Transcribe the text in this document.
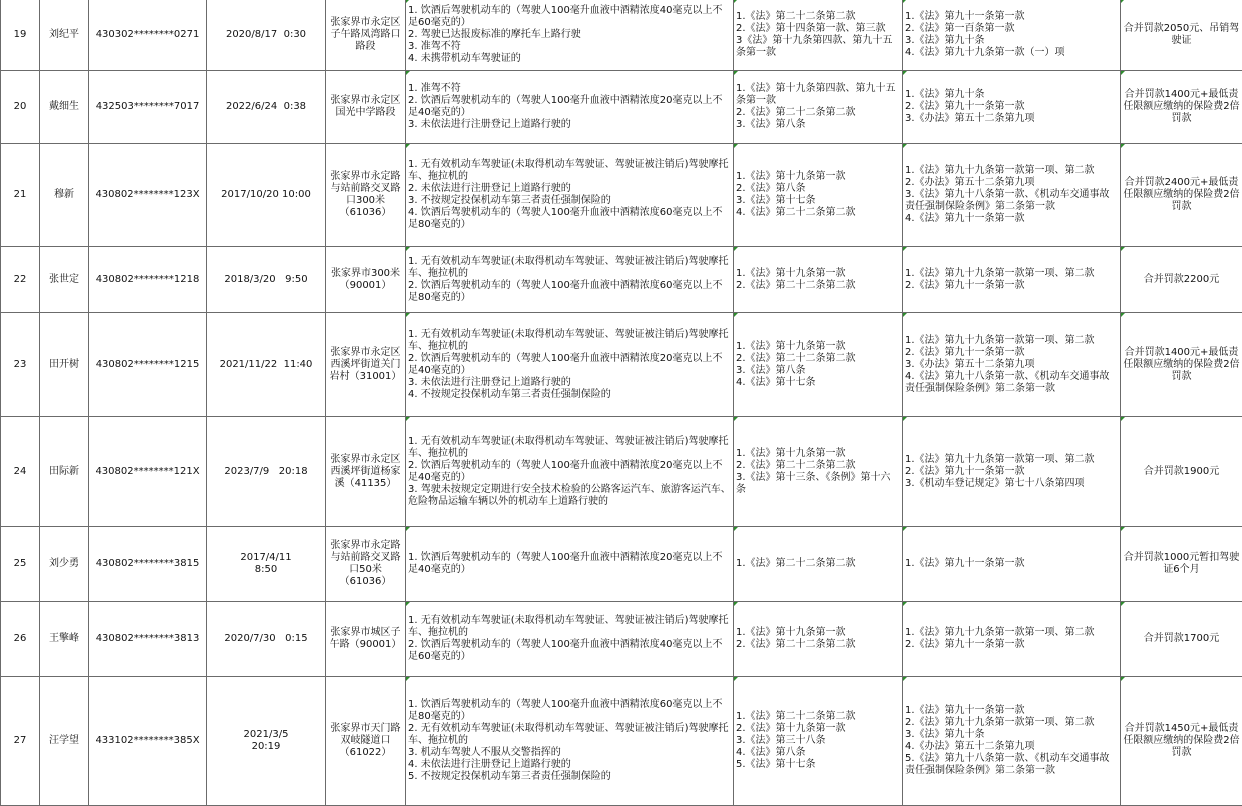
19	刘纪平	430302********0271	2020/8/17  0:30	张家界市永定区子午路凤湾路口路段	1. 饮酒后驾驶机动车的（驾驶人100毫升血液中酒精浓度40毫克以上不足60毫克的）
2. 驾驶已达报废标准的摩托车上路行驶
3. 准驾不符
4. 未携带机动车驾驶证的	1.《法》第二十二条第二款
2.《法》第十四条第一款、第三款
3《法》第十九条第四款、第九十五条第一款	1.《法》第九十一条第一款
2.《法》第一百条第一款
3.《法》第九十条
4.《法》第九十九条第一款（一）项	合并罚款2050元、吊销驾驶证
20	戴细生	432503********7017	2022/6/24  0:38	张家界市永定区国光中学路段	1. 准驾不符
2. 饮酒后驾驶机动车的（驾驶人100毫升血液中酒精浓度20毫克以上不足40毫克的）
3. 未依法进行注册登记上道路行驶的	1.《法》第十九条第四款、第九十五条第一款
2.《法》第二十二条第二款
3.《法》第八条	1.《法》第九十条
2.《法》第九十一条第一款
3.《办法》第五十二条第九项	合并罚款1400元+最低责任限额应缴纳的保险费2倍罚款
21	穆新	430802********123X	2017/10/20 10:00	张家界市永定路与站前路交叉路口300米（61036）	1. 无有效机动车驾驶证(未取得机动车驾驶证、驾驶证被注销后)驾驶摩托车、拖拉机的
2. 未依法进行注册登记上道路行驶的
3. 不按规定投保机动车第三者责任强制保险的
4. 饮酒后驾驶机动车的（驾驶人100毫升血液中酒精浓度60毫克以上不足80毫克的）	1.《法》第十九条第一款
2.《法》第八条
3.《法》第十七条
4.《法》第二十二条第二款	1.《法》第九十九条第一款第一项、第二款
2.《办法》第五十二条第九项
3.《法》第九十八条第一款、《机动车交通事故责任强制保险条例》第二条第一款
4.《法》第九十一条第一款	合并罚款2400元+最低责任限额应缴纳的保险费2倍罚款
22	张世定	430802********1218	2018/3/20   9:50	张家界市300米（90001）	1. 无有效机动车驾驶证(未取得机动车驾驶证、驾驶证被注销后)驾驶摩托车、拖拉机的
2. 饮酒后驾驶机动车的（驾驶人100毫升血液中酒精浓度60毫克以上不足80毫克的）	1.《法》第十九条第一款
2.《法》第二十二条第二款	1.《法》第九十九条第一款第一项、第二款
2.《法》第九十一条第一款	合并罚款2200元
23	田开树	430802********1215	2021/11/22  11:40	张家界市永定区西溪坪街道关门岩村（31001）	1. 无有效机动车驾驶证(未取得机动车驾驶证、驾驶证被注销后)驾驶摩托车、拖拉机的
2. 饮酒后驾驶机动车的（驾驶人100毫升血液中酒精浓度20毫克以上不足40毫克的）
3. 未依法进行注册登记上道路行驶的
4. 不按规定投保机动车第三者责任强制保险的	1.《法》第十九条第一款
2.《法》第二十二条第二款
3.《法》第八条
4.《法》第十七条	1.《法》第九十九条第一款第一项、第二款
2.《法》第九十一条第一款
3.《办法》第五十二条第九项
4.《法》第九十八条第一款、《机动车交通事故责任强制保险条例》第二条第一款	合并罚款1400元+最低责任限额应缴纳的保险费2倍罚款
24	田际新	430802********121X	2023/7/9   20:18	张家界市永定区西溪坪街道杨家溪（41135）	1. 无有效机动车驾驶证(未取得机动车驾驶证、驾驶证被注销后)驾驶摩托车、拖拉机的
2. 饮酒后驾驶机动车的（驾驶人100毫升血液中酒精浓度20毫克以上不足40毫克的）
3. 驾驶未按规定定期进行安全技术检验的公路客运汽车、旅游客运汽车、危险物品运输车辆以外的机动车上道路行驶的	1.《法》第十九条第一款
2.《法》第二十二条第二款
3.《法》第十三条、《条例》第十六条	1.《法》第九十九条第一款第一项、第二款
2.《法》第九十一条第一款
3.《机动车登记规定》第七十八条第四项	合并罚款1900元
25	刘少勇	430802********3815	2017/4/11
8:50	张家界市永定路与站前路交叉路口50米（61036）	1. 饮酒后驾驶机动车的（驾驶人100毫升血液中酒精浓度20毫克以上不足40毫克的）	1.《法》第二十二条第二款	1.《法》第九十一条第一款	合并罚款1000元暂扣驾驶证6个月
26	王擎峰	430802********3813	2020/7/30   0:15	张家界市城区子午路（90001）	1. 无有效机动车驾驶证(未取得机动车驾驶证、驾驶证被注销后)驾驶摩托车、拖拉机的
2. 饮酒后驾驶机动车的（驾驶人100毫升血液中酒精浓度40毫克以上不足60毫克的）	1.《法》第十九条第一款
2.《法》第二十二条第二款	1.《法》第九十九条第一款第一项、第二款
2.《法》第九十一条第一款	合并罚款1700元
27	汪学望	433102********385X	2021/3/5
20:19	张家界市天门路双岐隧道口（61022）	1. 饮酒后驾驶机动车的（驾驶人100毫升血液中酒精浓度60毫克以上不足80毫克的）
2. 无有效机动车驾驶证(未取得机动车驾驶证、驾驶证被注销后)驾驶摩托车、拖拉机的
3. 机动车驾驶人不服从交警指挥的
4. 未依法进行注册登记上道路行驶的
5. 不按规定投保机动车第三者责任强制保险的	1.《法》第二十二条第二款
2.《法》第十九条第一款
3.《法》第三十八条
4.《法》第八条
5.《法》第十七条	1.《法》第九十一条第一款
2.《法》第九十九条第一款第一项、第二款
3.《法》第九十条
4.《办法》第五十二条第九项
5.《法》第九十八条第一款、《机动车交通事故责任强制保险条例》第二条第一款	合并罚款1450元+最低责任限额应缴纳的保险费2倍罚款
